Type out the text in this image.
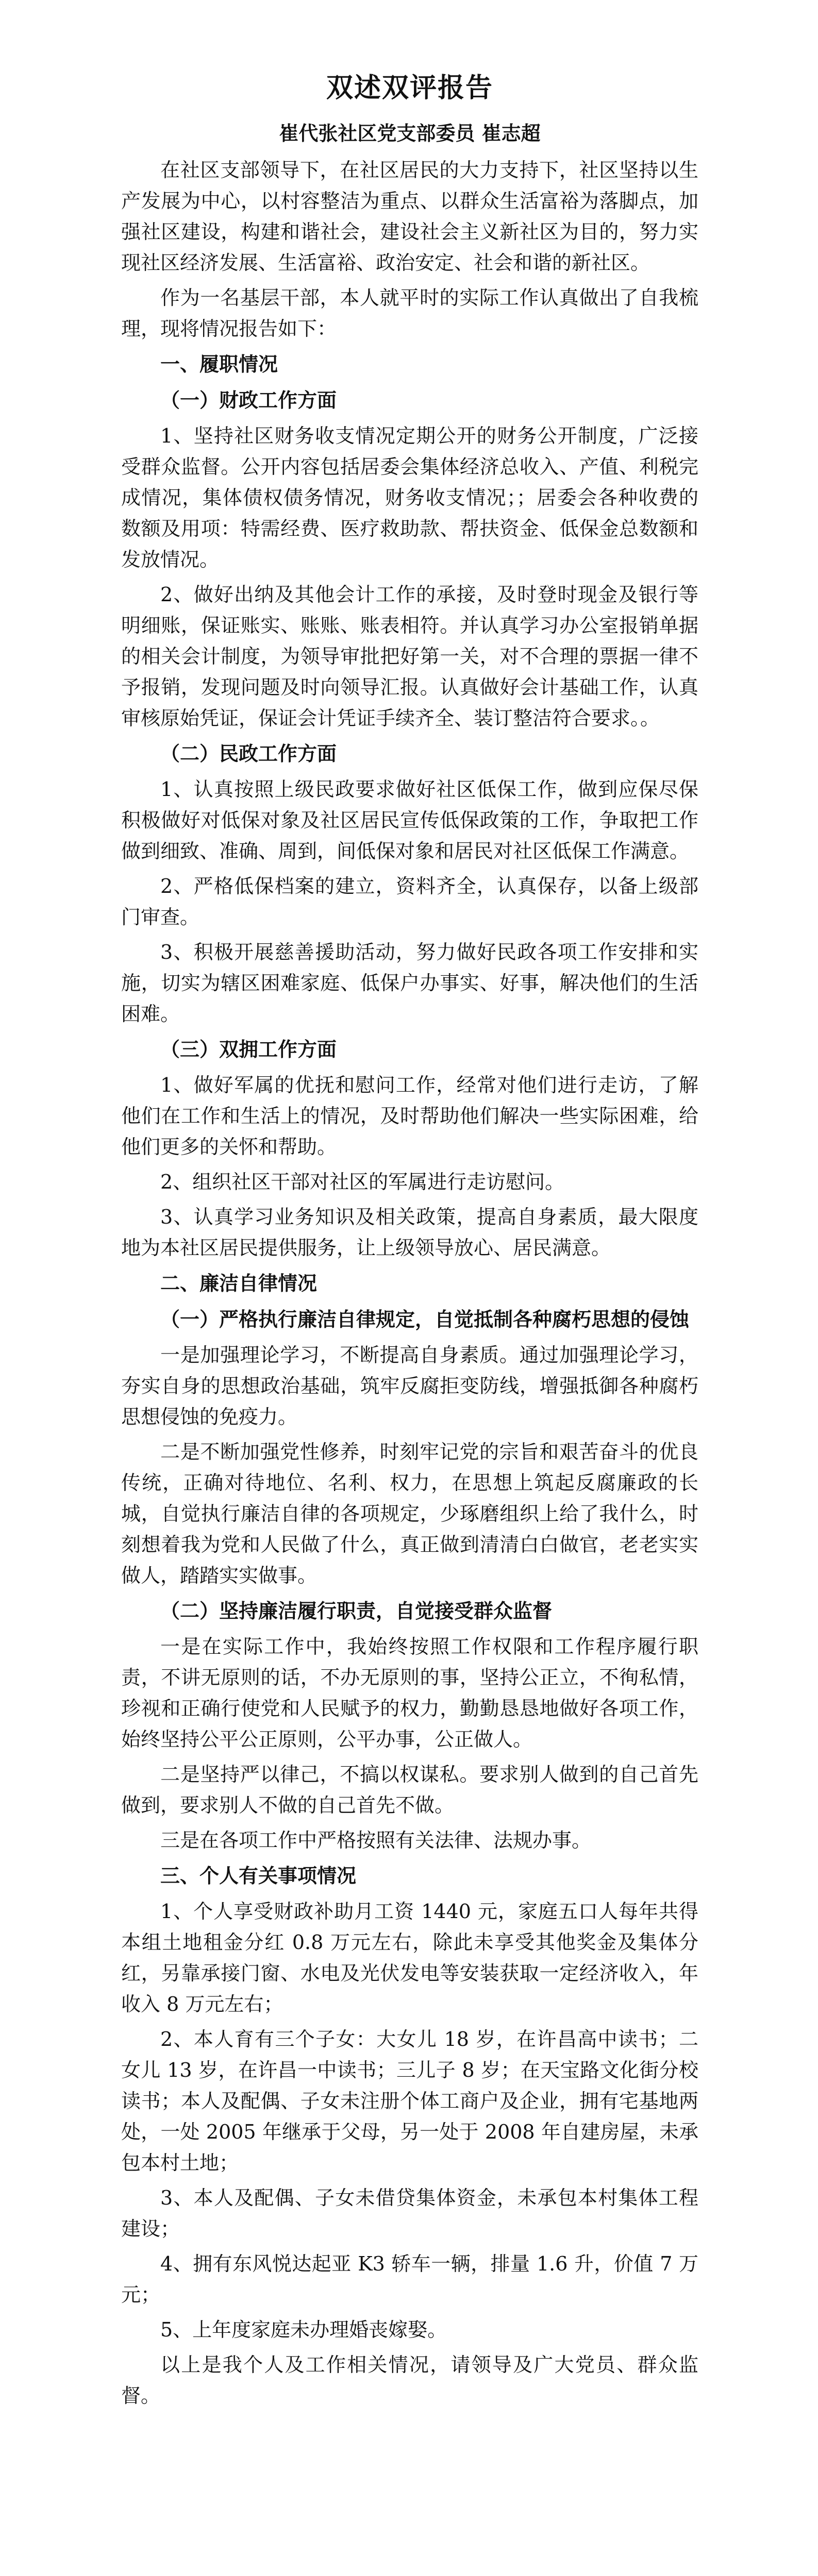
双述双评报告
崔代张社区党支部委员 崔志超
在社区支部领导下，在社区居民的大力支持下，社区坚持以生产发展为中心，以村容整洁为重点、以群众生活富裕为落脚点，加强社区建设，构建和谐社会，建设社会主义新社区为目的，努力实现社区经济发展、生活富裕、政治安定、社会和谐的新社区。
作为一名基层干部，本人就平时的实际工作认真做出了自我梳理，现将情况报告如下：
一、履职情况
（一）财政工作方面
1、坚持社区财务收支情况定期公开的财务公开制度，广泛接受群众监督。公开内容包括居委会集体经济总收入、产值、利税完成情况，集体债权债务情况，财务收支情况；；居委会各种收费的数额及用项：特需经费、医疗救助款、帮扶资金、低保金总数额和发放情况。
2、做好出纳及其他会计工作的承接，及时登时现金及银行等明细账，保证账实、账账、账表相符。并认真学习办公室报销单据的相关会计制度，为领导审批把好第一关，对不合理的票据一律不予报销，发现问题及时向领导汇报。认真做好会计基础工作，认真审核原始凭证，保证会计凭证手续齐全、装订整洁符合要求。。
（二）民政工作方面
1、认真按照上级民政要求做好社区低保工作，做到应保尽保积极做好对低保对象及社区居民宣传低保政策的工作，争取把工作做到细致、准确、周到，间低保对象和居民对社区低保工作满意。
2、严格低保档案的建立，资料齐全，认真保存，以备上级部门审查。
3、积极开展慈善援助活动，努力做好民政各项工作安排和实施，切实为辖区困难家庭、低保户办事实、好事，解决他们的生活困难。
（三）双拥工作方面
1、做好军属的优抚和慰问工作，经常对他们进行走访，了解他们在工作和生活上的情况，及时帮助他们解决一些实际困难，给他们更多的关怀和帮助。
2、组织社区干部对社区的军属进行走访慰问。
3、认真学习业务知识及相关政策，提高自身素质，最大限度地为本社区居民提供服务，让上级领导放心、居民满意。
二、廉洁自律情况
（一）严格执行廉洁自律规定，自觉抵制各种腐朽思想的侵蚀
一是加强理论学习，不断提高自身素质。通过加强理论学习，夯实自身的思想政治基础，筑牢反腐拒变防线，增强抵御各种腐朽思想侵蚀的免疫力。
二是不断加强党性修养，时刻牢记党的宗旨和艰苦奋斗的优良传统，正确对待地位、名利、权力，在思想上筑起反腐廉政的长城，自觉执行廉洁自律的各项规定，少琢磨组织上给了我什么，时刻想着我为党和人民做了什么，真正做到清清白白做官，老老实实做人，踏踏实实做事。
（二）坚持廉洁履行职责，自觉接受群众监督
一是在实际工作中，我始终按照工作权限和工作程序履行职责，不讲无原则的话，不办无原则的事，坚持公正立，不徇私情，珍视和正确行使党和人民赋予的权力，勤勤恳恳地做好各项工作，始终坚持公平公正原则，公平办事，公正做人。
二是坚持严以律己，不搞以权谋私。要求别人做到的自己首先做到，要求别人不做的自己首先不做。
三是在各项工作中严格按照有关法律、法规办事。
三、个人有关事项情况
1、个人享受财政补助月工资 1440 元，家庭五口人每年共得本组土地租金分红 0.8 万元左右，除此未享受其他奖金及集体分红，另靠承接门窗、水电及光伏发电等安装获取一定经济收入，年收入 8 万元左右；
2、本人育有三个子女：大女儿 18 岁，在许昌高中读书；二女儿 13 岁，在许昌一中读书；三儿子 8 岁；在天宝路文化街分校读书；本人及配偶、子女未注册个体工商户及企业，拥有宅基地两处，一处 2005 年继承于父母，另一处于 2008 年自建房屋，未承包本村土地；
3、本人及配偶、子女未借贷集体资金，未承包本村集体工程建设；
4、拥有东风悦达起亚 K3 轿车一辆，排量 1.6 升，价值 7 万元；
5、上年度家庭未办理婚丧嫁娶。
以上是我个人及工作相关情况，请领导及广大党员、群众监督。
